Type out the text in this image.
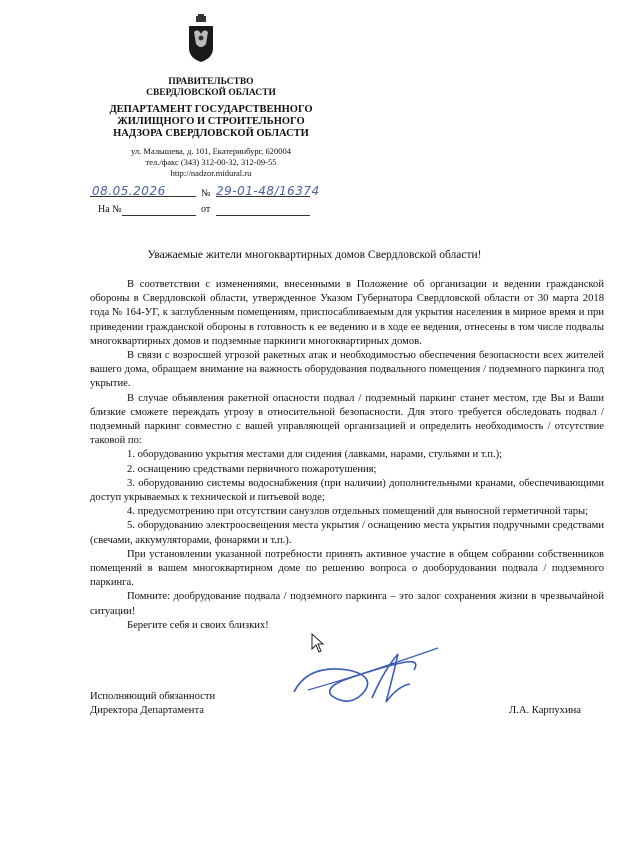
ПРАВИТЕЛЬСТВО
СВЕРДЛОВСКОЙ ОБЛАСТИ
ДЕПАРТАМЕНТ ГОСУДАРСТВЕННОГО
ЖИЛИЩНОГО И СТРОИТЕЛЬНОГО
НАДЗОРА СВЕРДЛОВСКОЙ ОБЛАСТИ
ул. Малышева, д. 101, Екатеринбург, 620004
тел./факс (343) 312-00-32, 312-09-55
http://nadzor.midural.ru
08.05.2026	№ 29-01-48/16374
На №	от
Уважаемые жители многоквартирных домов Свердловской области!

В соответствии с изменениями, внесенными в Положение об организации и ведении гражданской обороны в Свердловской области, утвержденное Указом Губернатора Свердловской области от 30 марта 2018 года № 164-УГ, к заглубленным помещениям, приспосабливаемым для укрытия населения в мирное время и при приведении гражданской обороны в готовность к ее ведению и в ходе ее ведения, отнесены в том числе подвалы многоквартирных домов и подземные паркинги многоквартирных домов.

В связи с возросшей угрозой ракетных атак и необходимостью обеспечения безопасности всех жителей вашего дома, обращаем внимание на важность оборудования подвального помещения / подземного паркинга под укрытие.

В случае объявления ракетной опасности подвал / подземный паркинг станет местом, где Вы и Ваши близкие сможете переждать угрозу в относительной безопасности. Для этого требуется обследовать подвал / подземный паркинг совместно с вашей управляющей организацией и определить необходимость / отсутствие таковой по:

1. оборудованию укрытия местами для сидения (лавками, нарами, стульями и т.п.);

2. оснащению средствами первичного пожаротушения;

3. оборудованию системы водоснабжения (при наличии) дополнительными кранами, обеспечивающими доступ укрываемых к технической и питьевой воде;

4. предусмотрению при отсутствии санузлов отдельных помещений для выносной герметичной тары;

5. оборудованию электроосвещения места укрытия / оснащению места укрытия подручными средствами (свечами, аккумуляторами, фонарями и т.п.).

При установлении указанной потребности принять активное участие в общем собрании собственников помещений в вашем многоквартирном доме по решению вопроса о дооборудовании подвала / подземного паркинга.

Помните: дообрудование подвала / подземного паркинга – это залог сохранения жизни в чрезвычайной ситуации!

Берегите себя и своих близких!

Исполняющий обязанности
Директора Департамента	Л.А. Карпухина
